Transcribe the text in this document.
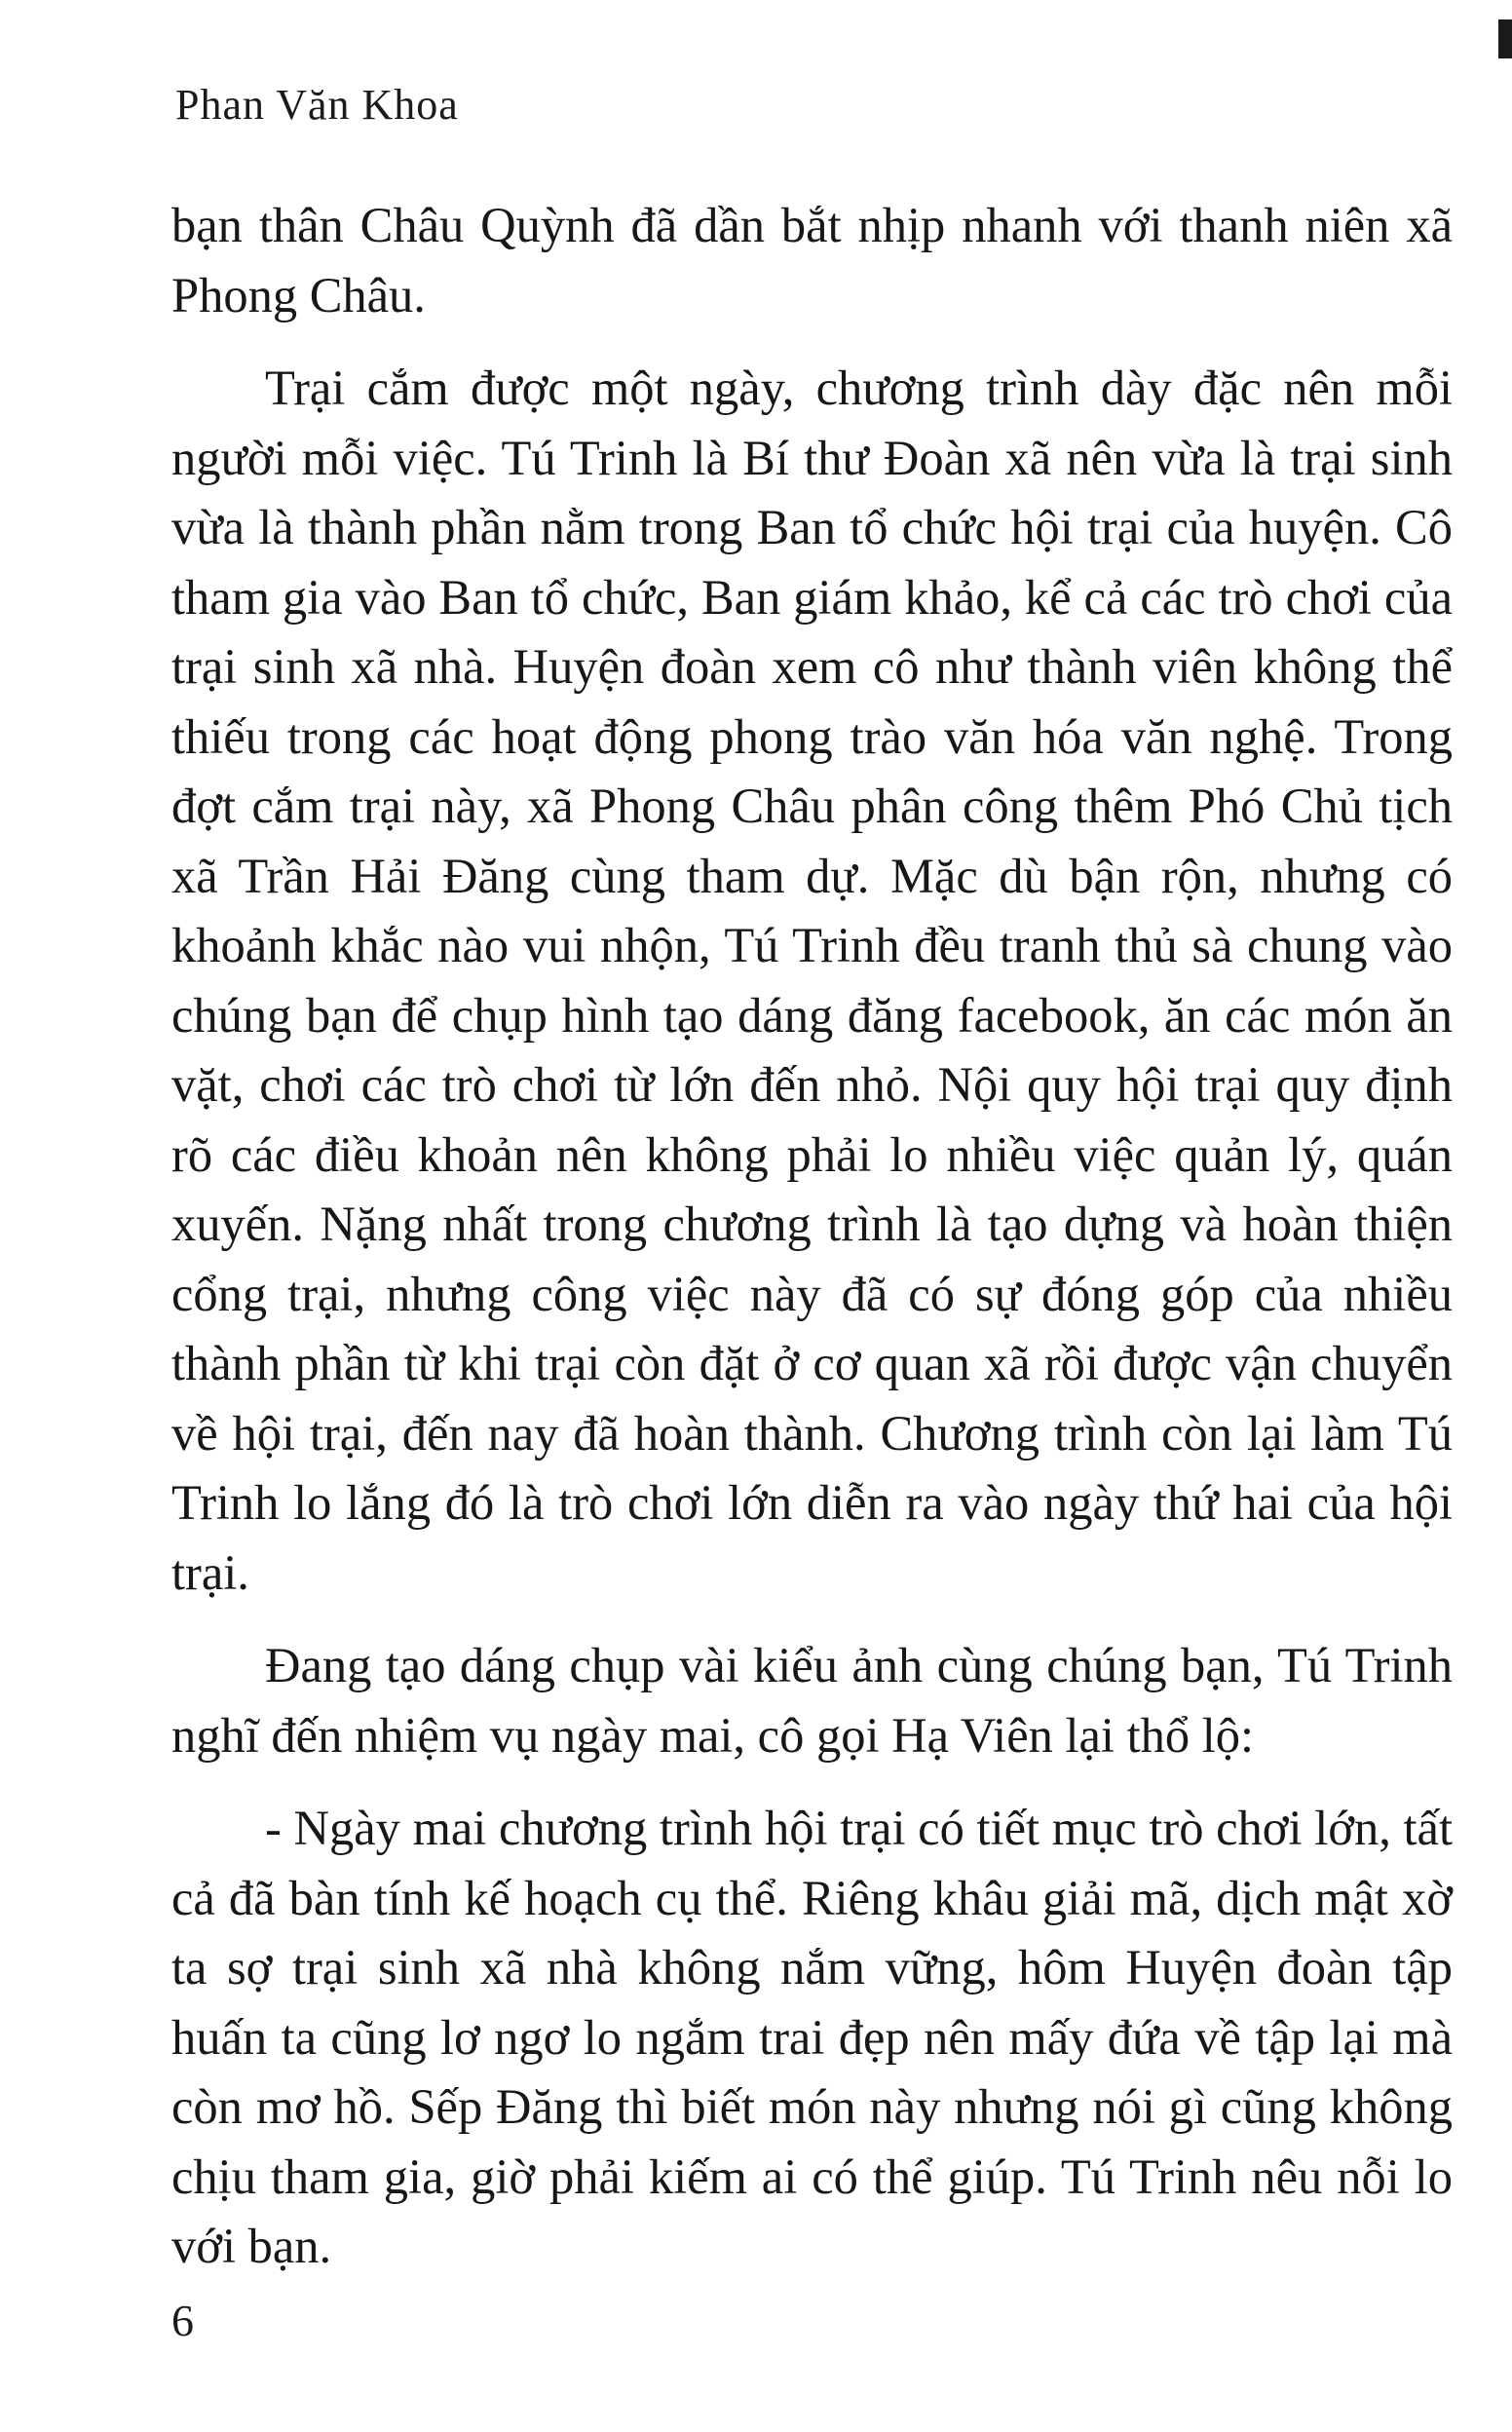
Phan Văn Khoa

bạn thân Châu Quỳnh đã dần bắt nhịp nhanh với thanh niên xã Phong Châu.

Trại cắm được một ngày, chương trình dày đặc nên mỗi người mỗi việc. Tú Trinh là Bí thư Đoàn xã nên vừa là trại sinh vừa là thành phần nằm trong Ban tổ chức hội trại của huyện. Cô tham gia vào Ban tổ chức, Ban giám khảo, kể cả các trò chơi của trại sinh xã nhà. Huyện đoàn xem cô như thành viên không thể thiếu trong các hoạt động phong trào văn hóa văn nghệ. Trong đợt cắm trại này, xã Phong Châu phân công thêm Phó Chủ tịch xã Trần Hải Đăng cùng tham dự. Mặc dù bận rộn, nhưng có khoảnh khắc nào vui nhộn, Tú Trinh đều tranh thủ sà chung vào chúng bạn để chụp hình tạo dáng đăng facebook, ăn các món ăn vặt, chơi các trò chơi từ lớn đến nhỏ. Nội quy hội trại quy định rõ các điều khoản nên không phải lo nhiều việc quản lý, quán xuyến. Nặng nhất trong chương trình là tạo dựng và hoàn thiện cổng trại, nhưng công việc này đã có sự đóng góp của nhiều thành phần từ khi trại còn đặt ở cơ quan xã rồi được vận chuyển về hội trại, đến nay đã hoàn thành. Chương trình còn lại làm Tú Trinh lo lắng đó là trò chơi lớn diễn ra vào ngày thứ hai của hội trại.

Đang tạo dáng chụp vài kiểu ảnh cùng chúng bạn, Tú Trinh nghĩ đến nhiệm vụ ngày mai, cô gọi Hạ Viên lại thổ lộ:

- Ngày mai chương trình hội trại có tiết mục trò chơi lớn, tất cả đã bàn tính kế hoạch cụ thể. Riêng khâu giải mã, dịch mật xờ ta sợ trại sinh xã nhà không nắm vững, hôm Huyện đoàn tập huấn ta cũng lơ ngơ lo ngắm trai đẹp nên mấy đứa về tập lại mà còn mơ hồ. Sếp Đăng thì biết món này nhưng nói gì cũng không chịu tham gia, giờ phải kiếm ai có thể giúp. Tú Trinh nêu nỗi lo với bạn.

6
